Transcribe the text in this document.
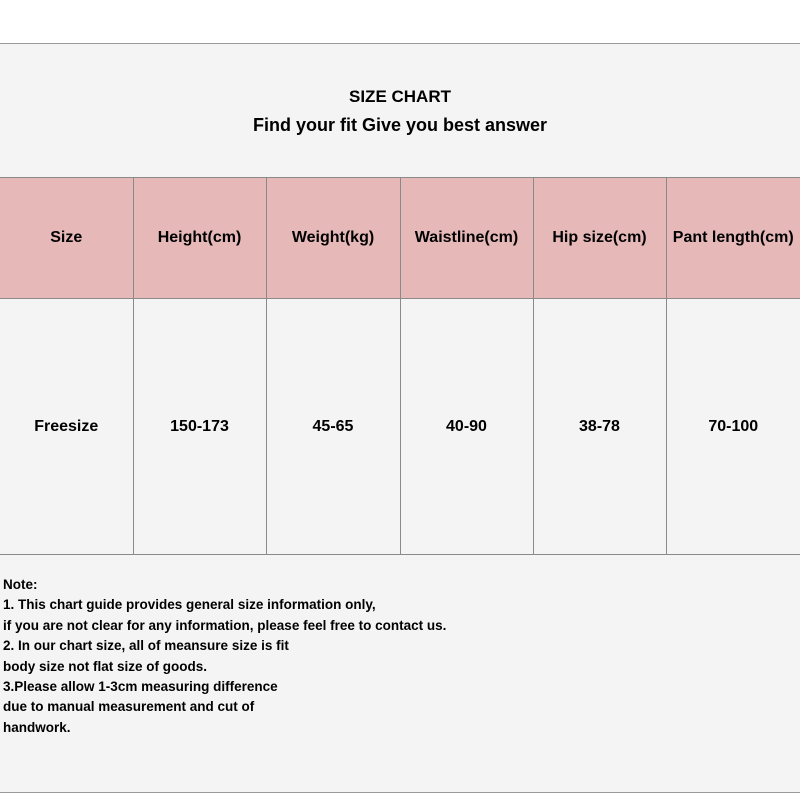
SIZE CHART
Find your fit Give you best answer
Size	Height(cm)	Weight(kg)	Waistline(cm)	Hip size(cm)	Pant length(cm)
Freesize	150-173	45-65	40-90	38-78	70-100
Note:
1. This chart guide provides general size information only,
if you are not clear for any information, please feel free to contact us.
2. In our chart size, all of meansure size is fit
body size not flat size of goods.
3.Please allow 1-3cm measuring difference
due to manual measurement and cut of
handwork.
